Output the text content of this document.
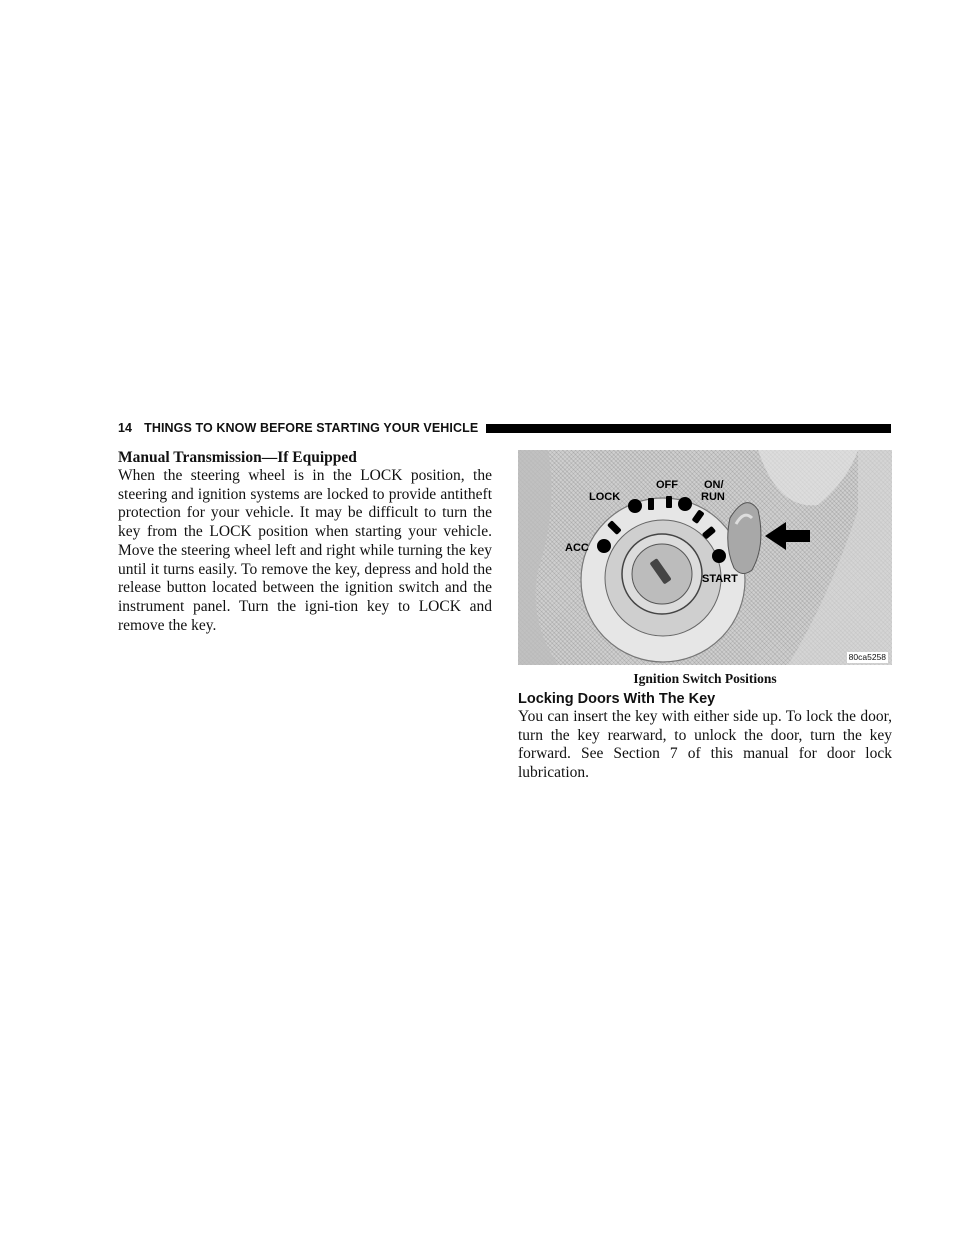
14 THINGS TO KNOW BEFORE STARTING YOUR VEHICLE
Manual Transmission—If Equipped

When the steering wheel is in the LOCK position, the steering and ignition systems are locked to provide antitheft protection for your vehicle. It may be difficult to turn the key from the LOCK position when starting your vehicle. Move the steering wheel left and right while turning the key until it turns easily. To remove the key, depress and hold the release button located between the ignition switch and the instrument panel. Turn the igni-tion key to LOCK and remove the key.

LOCK
OFF ON/
RUN
ACC
START
80ca5258
Ignition Switch Positions
Locking Doors With The Key

You can insert the key with either side up. To lock the door, turn the key rearward, to unlock the door, turn the key forward. See Section 7 of this manual for door lock lubrication.
